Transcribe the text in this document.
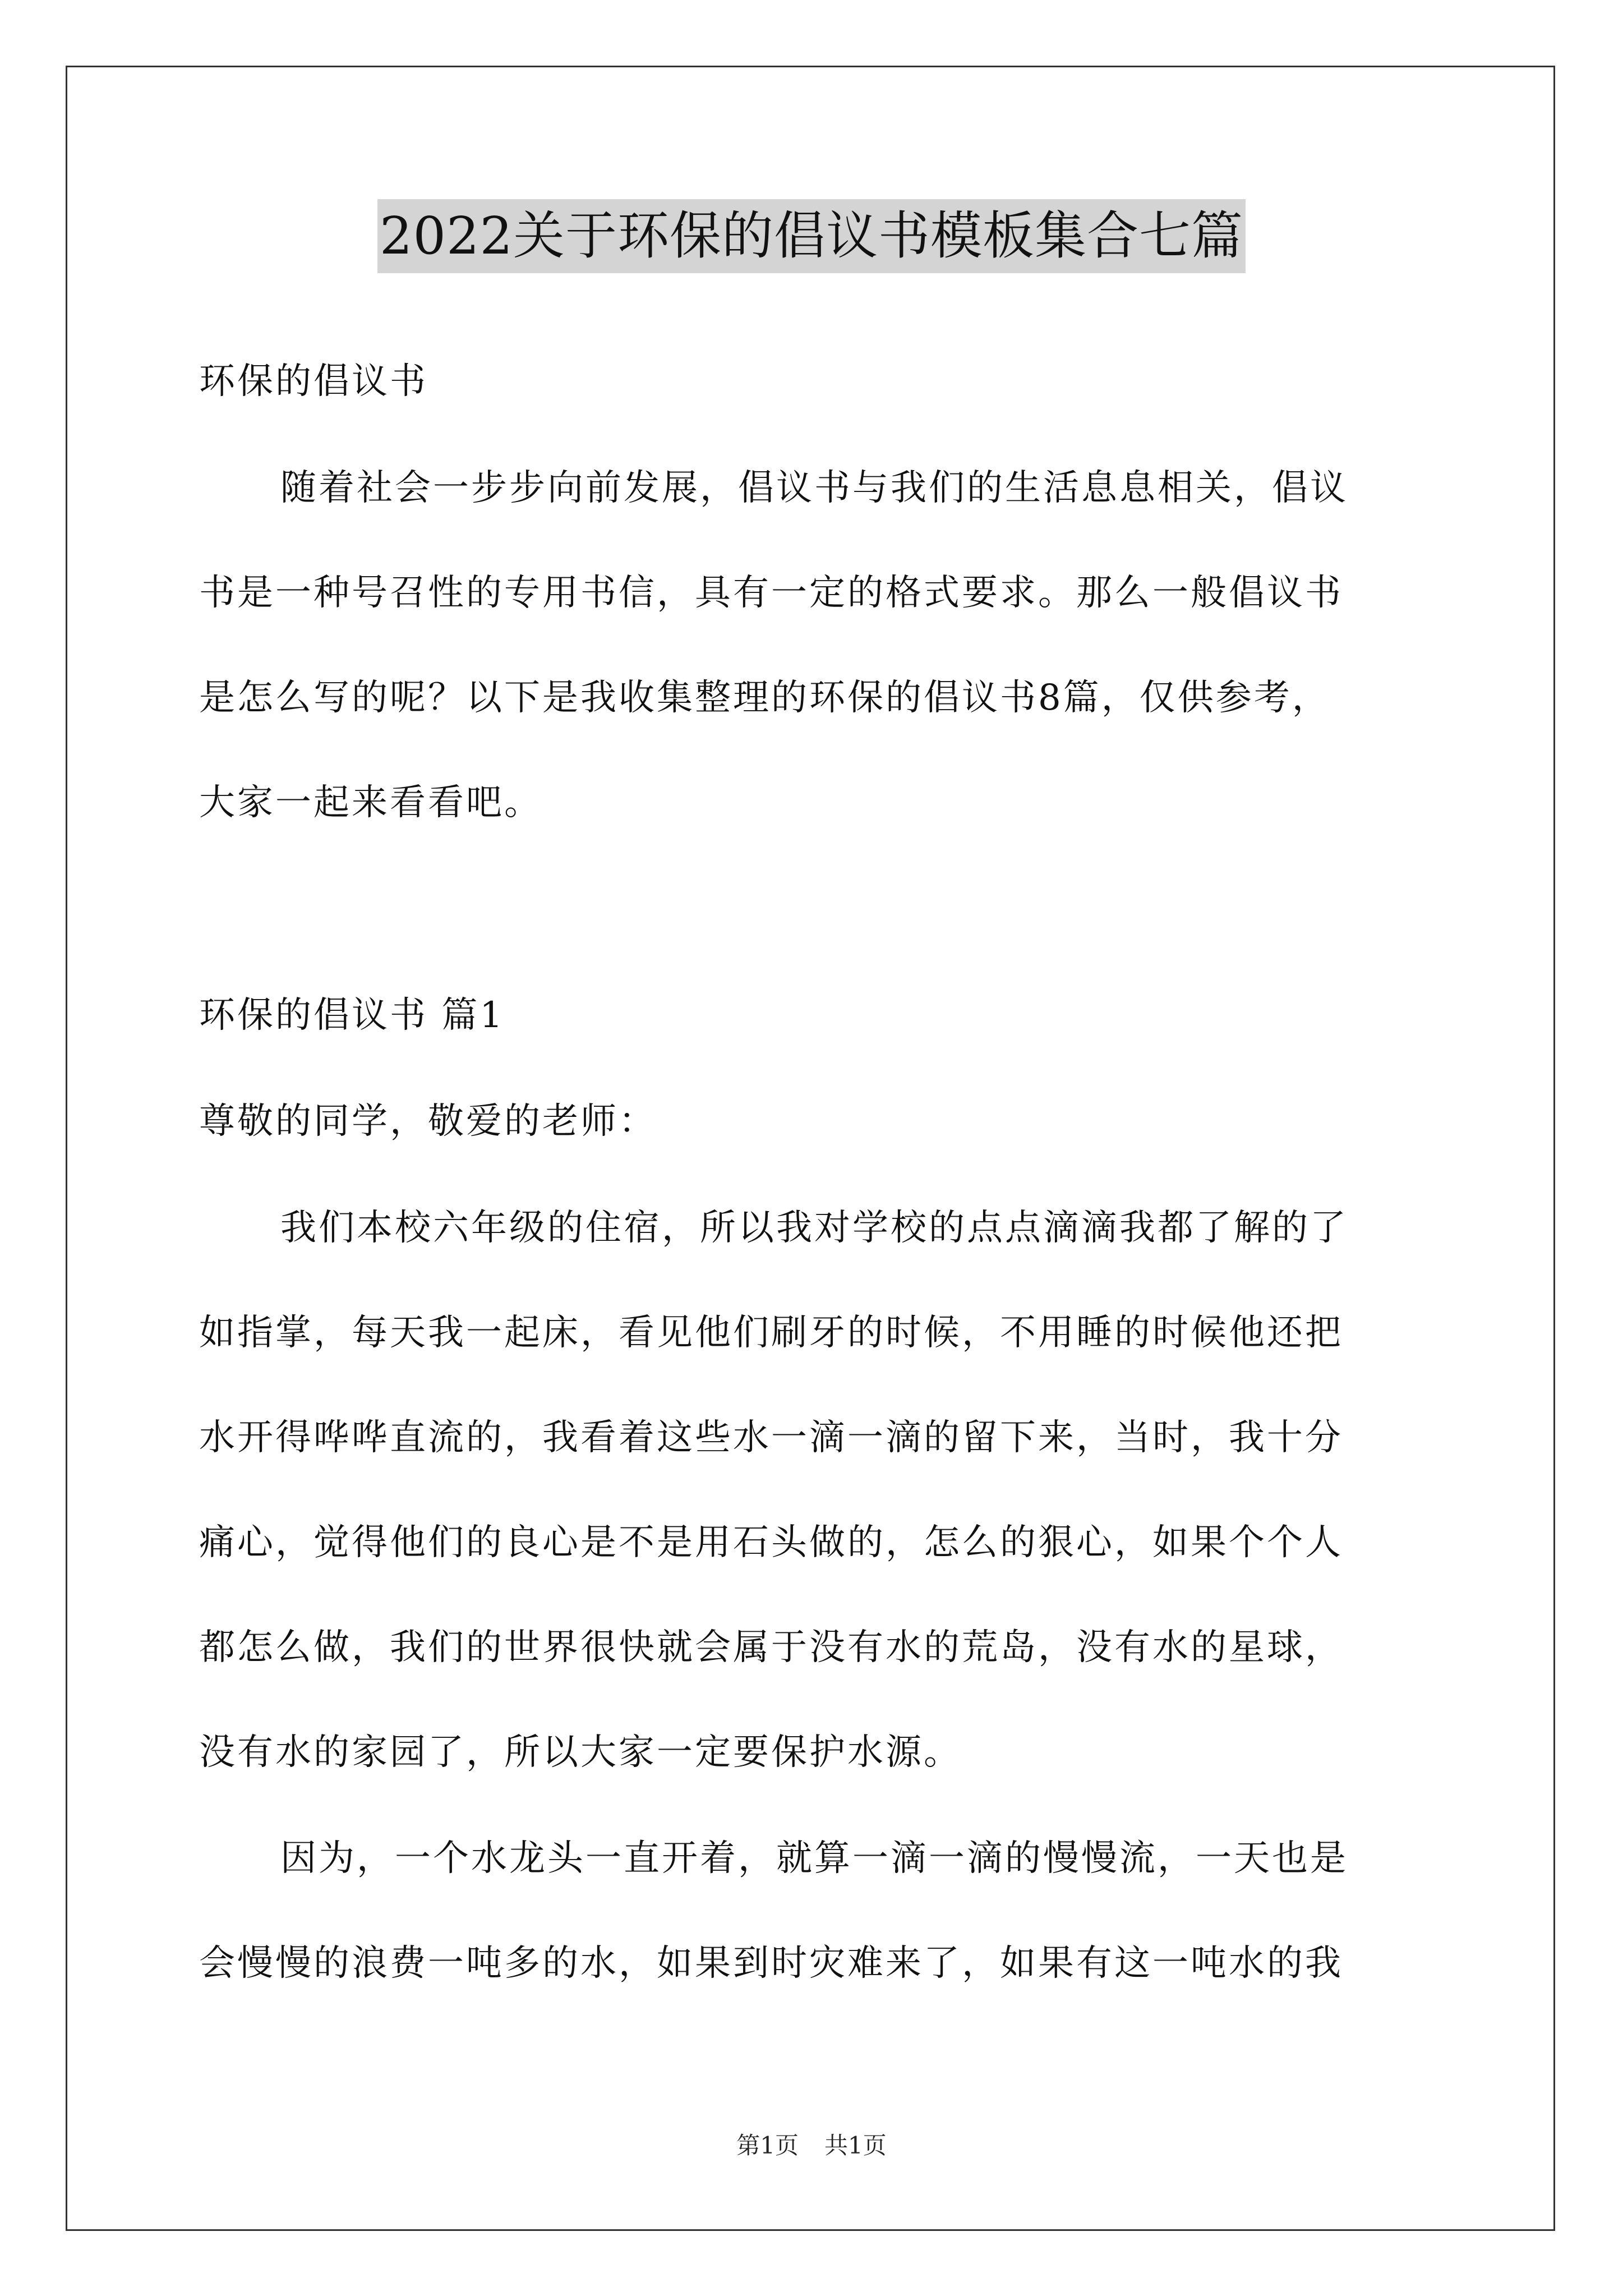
2022关于环保的倡议书模板集合七篇
环保的倡议书
随着社会一步步向前发展，倡议书与我们的生活息息相关，倡议
书是一种号召性的专用书信，具有一定的格式要求。那么一般倡议书
是怎么写的呢？以下是我收集整理的环保的倡议书8篇，仅供参考，
大家一起来看看吧。
环保的倡议书 篇1
尊敬的同学，敬爱的老师：
我们本校六年级的住宿，所以我对学校的点点滴滴我都了解的了
如指掌，每天我一起床，看见他们刷牙的时候，不用睡的时候他还把
水开得哗哗直流的，我看着这些水一滴一滴的留下来，当时，我十分
痛心，觉得他们的良心是不是用石头做的，怎么的狠心，如果个个人
都怎么做，我们的世界很快就会属于没有水的荒岛，没有水的星球，
没有水的家园了，所以大家一定要保护水源。
因为，一个水龙头一直开着，就算一滴一滴的慢慢流，一天也是
会慢慢的浪费一吨多的水，如果到时灾难来了，如果有这一吨水的我
第1页 共1页
